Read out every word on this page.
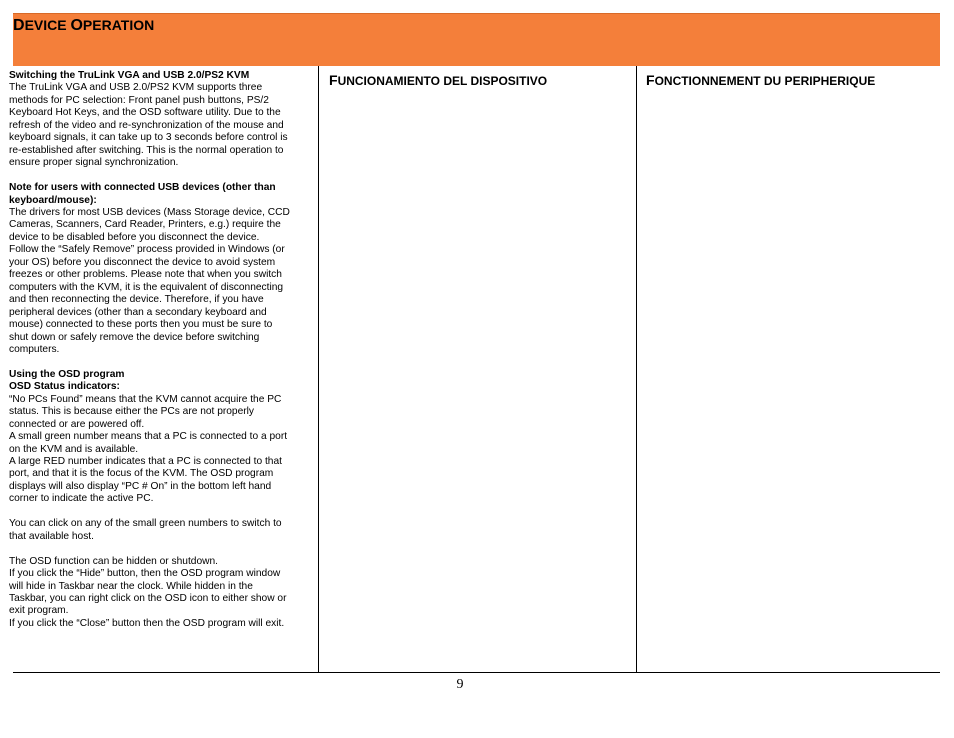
DEVICE OPERATION

Switching the TruLink VGA and USB 2.0/PS2 KVM

The TruLink VGA and USB 2.0/PS2 KVM supports three

methods for PC selection: Front panel push buttons, PS/2

Keyboard Hot Keys, and the OSD software utility. Due to the

refresh of the video and re-synchronization of the mouse and

keyboard signals, it can take up to 3 seconds before control is

re-established after switching. This is the normal operation to

ensure proper signal synchronization.

Note for users with connected USB devices (other than

keyboard/mouse):

The drivers for most USB devices (Mass Storage device, CCD

Cameras, Scanners, Card Reader, Printers, e.g.) require the

device to be disabled before you disconnect the device.

Follow the “Safely Remove” process provided in Windows (or

your OS) before you disconnect the device to avoid system

freezes or other problems. Please note that when you switch

computers with the KVM, it is the equivalent of disconnecting

and then reconnecting the device. Therefore, if you have

peripheral devices (other than a secondary keyboard and

mouse) connected to these ports then you must be sure to

shut down or safely remove the device before switching

computers.

Using the OSD program

OSD Status indicators:

“No PCs Found” means that the KVM cannot acquire the PC

status. This is because either the PCs are not properly

connected or are powered off.

A small green number means that a PC is connected to a port

on the KVM and is available.

A large RED number indicates that a PC is connected to that

port, and that it is the focus of the KVM. The OSD program

displays will also display “PC # On” in the bottom left hand

corner to indicate the active PC.

You can click on any of the small green numbers to switch to

that available host.

The OSD function can be hidden or shutdown.

If you click the “Hide” button, then the OSD program window

will hide in Taskbar near the clock. While hidden in the

Taskbar, you can right click on the OSD icon to either show or

exit program.

If you click the “Close” button then the OSD program will exit.

FUNCIONAMIENTO DEL DISPOSITIVO	FONCTIONNEMENT DU PERIPHERIQUE
9
